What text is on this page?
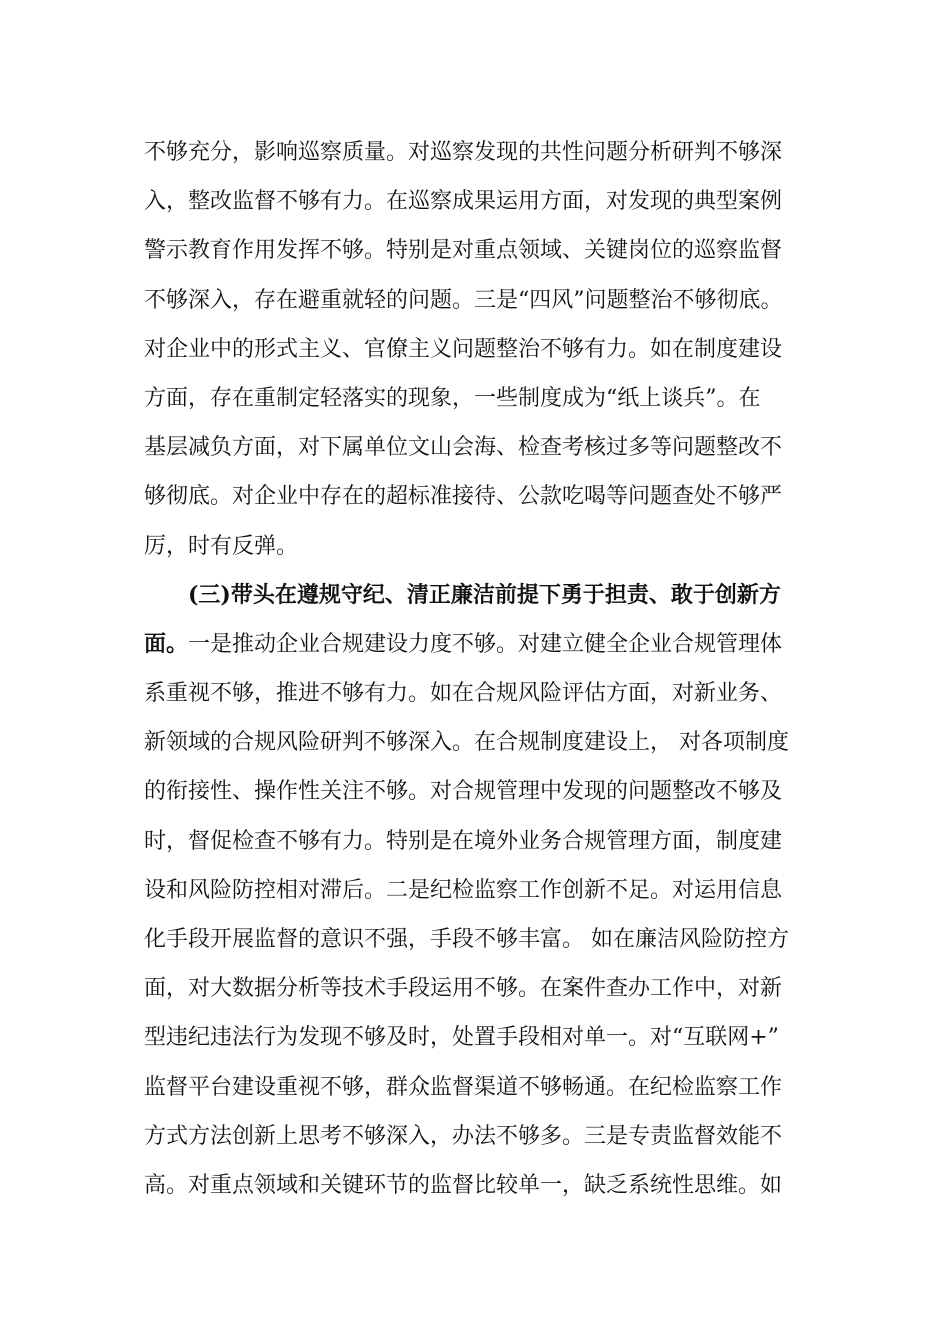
不够充分，影响巡察质量。对巡察发现的共性问题分析研判不够深
入，整改监督不够有力。在巡察成果运用方面，对发现的典型案例
警示教育作用发挥不够。特别是对重点领域、关键岗位的巡察监督
不够深入，存在避重就轻的问题。三是“四风”问题整治不够彻底。
对企业中的形式主义、官僚主义问题整治不够有力。如在制度建设
方面，存在重制定轻落实的现象，一些制度成为“纸上谈兵”。在
基层减负方面，对下属单位文山会海、检查考核过多等问题整改不
够彻底。对企业中存在的超标准接待、公款吃喝等问题查处不够严
厉，时有反弹。
(三)带头在遵规守纪、清正廉洁前提下勇于担责、敢于创新方
面。一是推动企业合规建设力度不够。对建立健全企业合规管理体
系重视不够，推进不够有力。如在合规风险评估方面，对新业务、
新领域的合规风险研判不够深入。在合规制度建设上， 对各项制度
的衔接性、操作性关注不够。对合规管理中发现的问题整改不够及
时，督促检查不够有力。特别是在境外业务合规管理方面，制度建
设和风险防控相对滞后。二是纪检监察工作创新不足。对运用信息
化手段开展监督的意识不强，手段不够丰富。 如在廉洁风险防控方
面，对大数据分析等技术手段运用不够。在案件查办工作中，对新
型违纪违法行为发现不够及时，处置手段相对单一。对“互联网+”
监督平台建设重视不够，群众监督渠道不够畅通。在纪检监察工作
方式方法创新上思考不够深入，办法不够多。三是专责监督效能不
高。对重点领域和关键环节的监督比较单一，缺乏系统性思维。如
